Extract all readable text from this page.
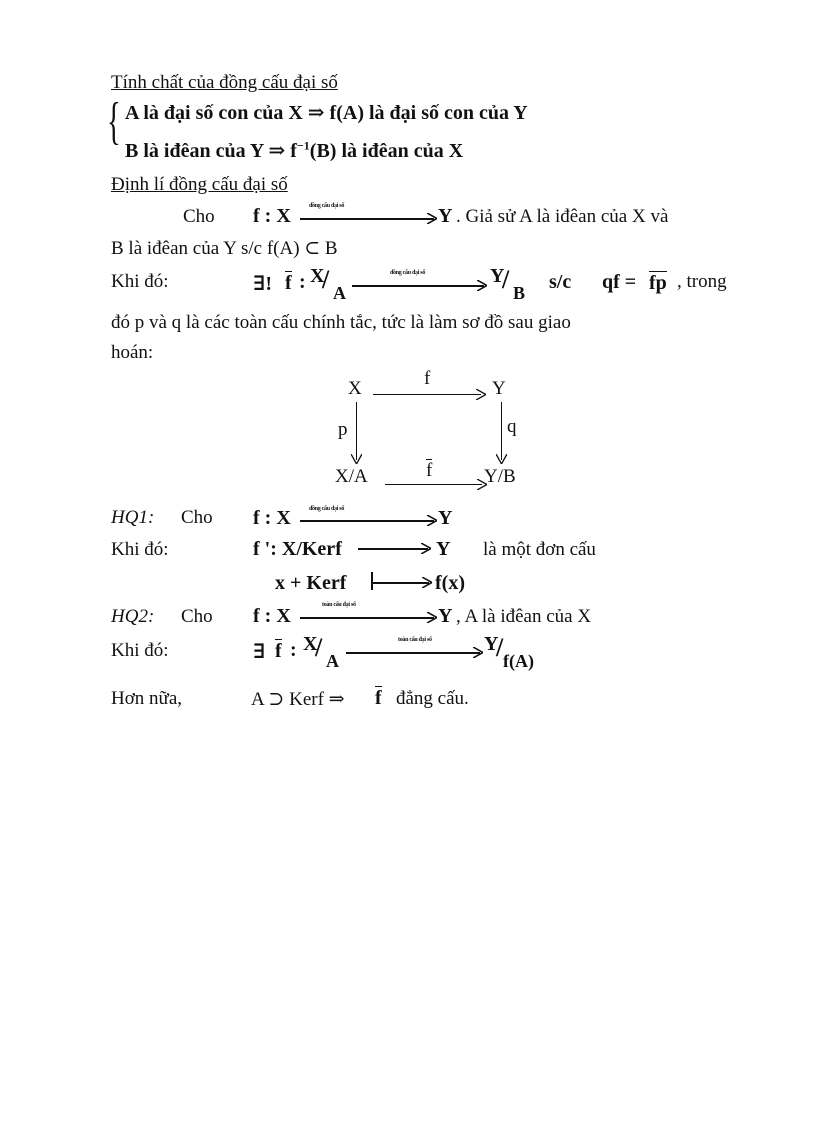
Tính chất của đồng cấu đại số
{ A là đại số con của X ⇒ f(A) là đại số con của Y
B là iđêan của Y ⇒ $f^{-1}(B)$ là iđêan của X
Định lí đồng cấu đại số
Cho f : X	đồng cấu đại số	Y . Giả sử A là iđêan của X và
B là iđêan của Y s/c f(A) ⊂ B
Khi đó:	∃! f : X
/ A
đồng cấu đại số	Y
/ B s/c qf = fp , trong
đó p và q là các toàn cấu chính tắc, tức là làm sơ đồ sau giao
hoán:
X	f	Y
p	q
X/A	f	Y/B
HQ1: Cho f : X	đồng cấu đại số	Y
Khi đó:	f ': X/Kerf	Y là một đơn cấu
x + Kerf	f(x)
HQ2: Cho f : X	toàn cấu đại số	Y , A là iđêan của X
Khi đó:	∃ f : X
/ A
toàn cấu đại số	Y
/ f(A)
Hơn nữa,	A ⊃ Kerf ⇒ f đẳng cấu.
